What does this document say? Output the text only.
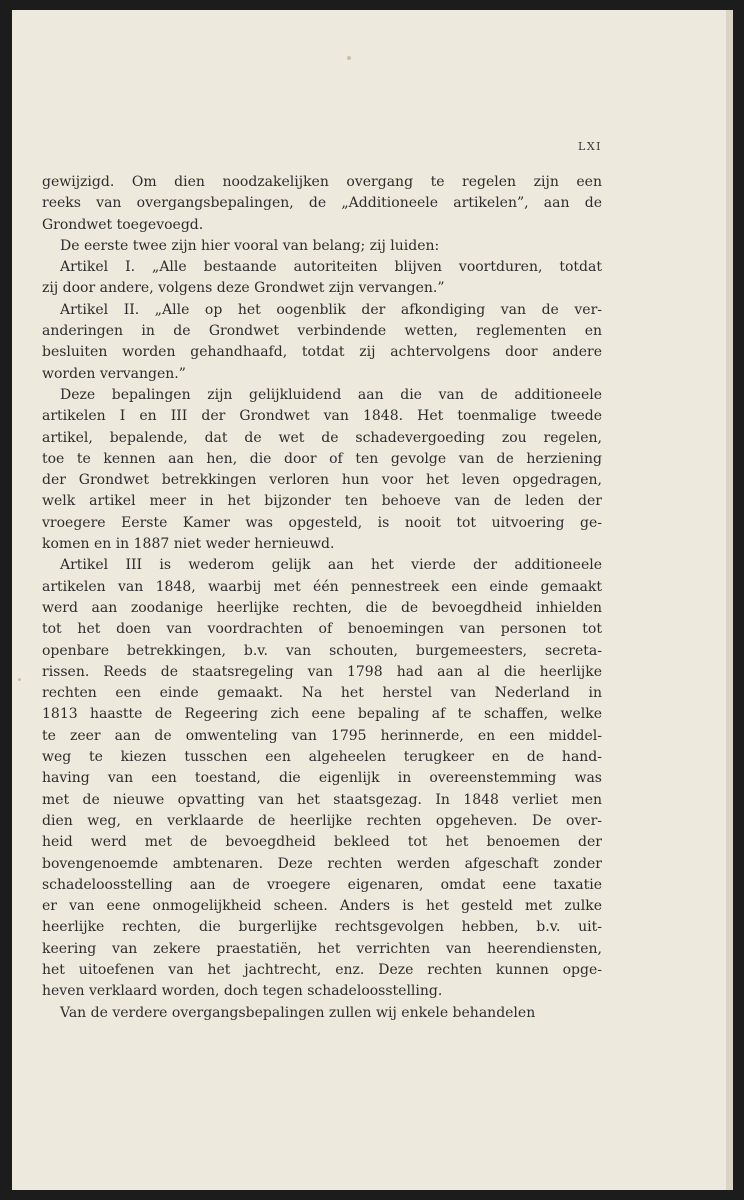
LXI

gewijzigd. Om dien noodzakelijken overgang te regelen zijn een
reeks van overgangsbepalingen, de „Additioneele artikelen”, aan de
Grondwet toegevoegd.

De eerste twee zijn hier vooral van belang; zij luiden:

Artikel I. „Alle bestaande autoriteiten blijven voortduren, totdat
zij door andere, volgens deze Grondwet zijn vervangen.”

Artikel II. „Alle op het oogenblik der afkondiging van de ver-
anderingen in de Grondwet verbindende wetten, reglementen en
besluiten worden gehandhaafd, totdat zij achtervolgens door andere
worden vervangen.”

Deze bepalingen zijn gelijkluidend aan die van de additioneele
artikelen I en III der Grondwet van 1848. Het toenmalige tweede
artikel, bepalende, dat de wet de schadevergoeding zou regelen,
toe te kennen aan hen, die door of ten gevolge van de herziening
der Grondwet betrekkingen verloren hun voor het leven opgedragen,
welk artikel meer in het bijzonder ten behoeve van de leden der
vroegere Eerste Kamer was opgesteld, is nooit tot uitvoering ge-
komen en in 1887 niet weder hernieuwd.

Artikel III is wederom gelijk aan het vierde der additioneele
artikelen van 1848, waarbij met één pennestreek een einde gemaakt
werd aan zoodanige heerlijke rechten, die de bevoegdheid inhielden
tot het doen van voordrachten of benoemingen van personen tot
openbare betrekkingen, b.v. van schouten, burgemeesters, secreta-
rissen. Reeds de staatsregeling van 1798 had aan al die heerlijke
rechten een einde gemaakt. Na het herstel van Nederland in
1813 haastte de Regeering zich eene bepaling af te schaffen, welke
te zeer aan de omwenteling van 1795 herinnerde, en een middel-
weg te kiezen tusschen een algeheelen terugkeer en de hand-
having van een toestand, die eigenlijk in overeenstemming was
met de nieuwe opvatting van het staatsgezag. In 1848 verliet men
dien weg, en verklaarde de heerlijke rechten opgeheven. De over-
heid werd met de bevoegdheid bekleed tot het benoemen der
bovengenoemde ambtenaren. Deze rechten werden afgeschaft zonder
schadeloosstelling aan de vroegere eigenaren, omdat eene taxatie
er van eene onmogelijkheid scheen. Anders is het gesteld met zulke
heerlijke rechten, die burgerlijke rechtsgevolgen hebben, b.v. uit-
keering van zekere praestatiën, het verrichten van heerendiensten,
het uitoefenen van het jachtrecht, enz. Deze rechten kunnen opge-
heven verklaard worden, doch tegen schadeloosstelling.

Van de verdere overgangsbepalingen zullen wij enkele behandelen
